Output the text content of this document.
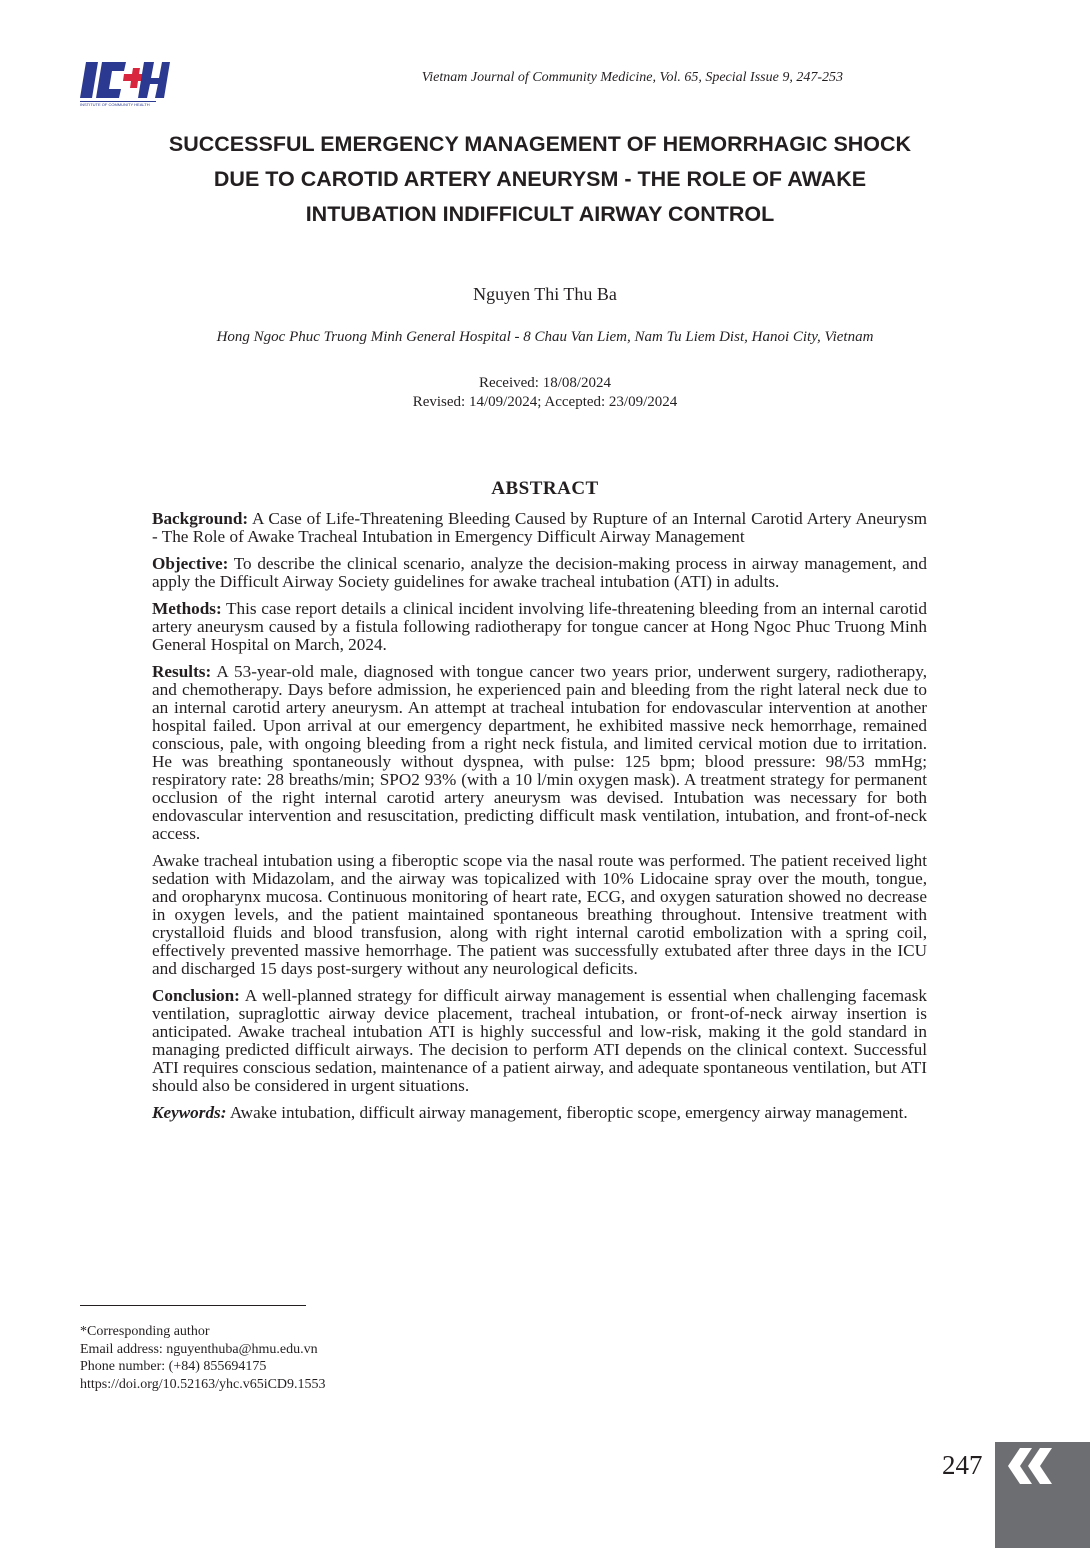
INSTITUTE OF COMMUNITY HEALTH
Vietnam Journal of Community Medicine, Vol. 65, Special Issue 9, 247-253
SUCCESSFUL EMERGENCY MANAGEMENT OF HEMORRHAGIC SHOCK
DUE TO CAROTID ARTERY ANEURYSM - THE ROLE OF AWAKE
INTUBATION INDIFFICULT AIRWAY CONTROL
Nguyen Thi Thu Ba
Hong Ngoc Phuc Truong Minh General Hospital - 8 Chau Van Liem, Nam Tu Liem Dist, Hanoi City, Vietnam
Received: 18/08/2024
Revised: 14/09/2024; Accepted: 23/09/2024
ABSTRACT

Background: A Case of Life-Threatening Bleeding Caused by Rupture of an Internal Carotid Artery Aneurysm - The Role of Awake Tracheal Intubation in Emergency Difficult Airway Management

Objective: To describe the clinical scenario, analyze the decision-making process in airway management, and apply the Difficult Airway Society guidelines for awake tracheal intubation (ATI) in adults.

Methods: This case report details a clinical incident involving life-threatening bleeding from an internal carotid artery aneurysm caused by a fistula following radiotherapy for tongue cancer at Hong Ngoc Phuc Truong Minh General Hospital on March, 2024.

Results: A 53-year-old male, diagnosed with tongue cancer two years prior, underwent surgery, radiotherapy, and chemotherapy. Days before admission, he experienced pain and bleeding from the right lateral neck due to an internal carotid artery aneurysm. An attempt at tracheal intubation for endovascular intervention at another hospital failed. Upon arrival at our emergency department, he exhibited massive neck hemorrhage, remained conscious, pale, with ongoing bleeding from a right neck fistula, and limited cervical motion due to irritation. He was breathing spontaneously without dyspnea, with pulse: 125 bpm; blood pressure: 98/53 mmHg; respiratory rate: 28 breaths/min; SPO2 93% (with a 10 l/min oxygen mask). A treatment strategy for permanent occlusion of the right internal carotid artery aneurysm was devised. Intubation was necessary for both endovascular intervention and resuscitation, predicting difficult mask ventilation, intubation, and front-of-neck access.

Awake tracheal intubation using a fiberoptic scope via the nasal route was performed. The patient received light sedation with Midazolam, and the airway was topicalized with 10% Lidocaine spray over the mouth, tongue, and oropharynx mucosa. Continuous monitoring of heart rate, ECG, and oxygen saturation showed no decrease in oxygen levels, and the patient maintained spontaneous breathing throughout. Intensive treatment with crystalloid fluids and blood transfusion, along with right internal carotid embolization with a spring coil, effectively prevented massive hemorrhage. The patient was successfully extubated after three days in the ICU and discharged 15 days post-surgery without any neurological deficits.

Conclusion: A well-planned strategy for difficult airway management is essential when challenging facemask ventilation, supraglottic airway device placement, tracheal intubation, or front-of-neck airway insertion is anticipated. Awake tracheal intubation ATI is highly successful and low-risk, making it the gold standard in managing predicted difficult airways. The decision to perform ATI depends on the clinical context. Successful ATI requires conscious sedation, maintenance of a patient airway, and adequate spontaneous ventilation, but ATI should also be considered in urgent situations.

Keywords: Awake intubation, difficult airway management, fiberoptic scope, emergency airway management.

*Corresponding author
Email address: nguyenthuba@hmu.edu.vn
Phone number: (+84) 855694175
https://doi.org/10.52163/yhc.v65iCD9.1553
247
